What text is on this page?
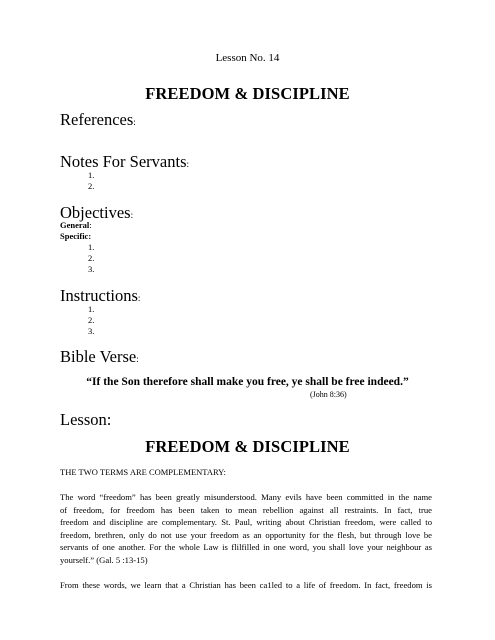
Lesson No. 14
FREEDOM & DISCIPLINE
References:
Notes For Servants:
1.
2.
Objectives:
General:
Specific:
1.
2.
3.
Instructions:
1.
2.
3.
Bible Verse:
“If the Son therefore shall make you free, ye shall be free indeed.”
(John 8:36)
Lesson:
FREEDOM & DISCIPLINE
THE TWO TERMS ARE COMPLEMENTARY:
The word “freedom” has been greatly misunderstood. Many evils have been committed in the name
of freedom, for freedom has been taken to mean rebellion against all restraints. In fact, true
freedom and discipline are complementary. St. Paul, writing about Christian freedom, were called to
freedom, brethren, only do not use your freedom as an opportunity for the flesh, but through love be
servants of one another. For the whole Law is flilfilled in one word, you shall love your neighbour as
yourself.” (Gal. 5 :13-15)
From these words, we learn that a Christian has been ca1led to a life of freedom. In fact, freedom is
